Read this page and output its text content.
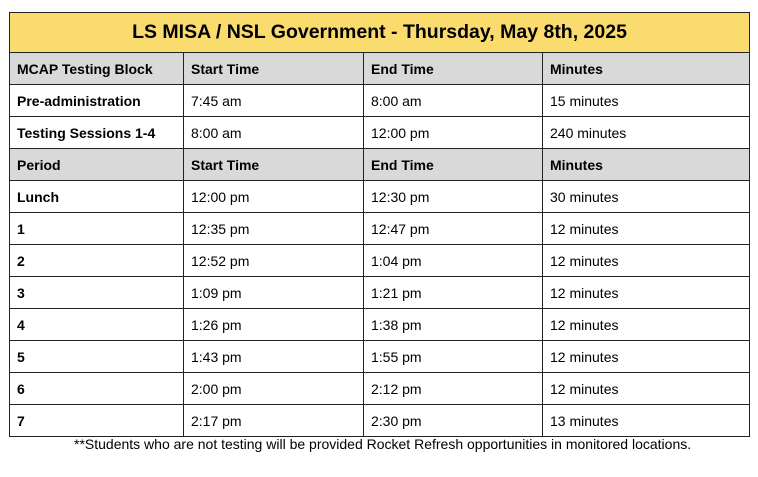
LS MISA / NSL Government - Thursday, May 8th, 2025			
MCAP Testing Block	Start Time	End Time	Minutes
Pre-administration	7:45 am	8:00 am	15 minutes
Testing Sessions 1-4	8:00 am	12:00 pm	240 minutes
Period	Start Time	End Time	Minutes
Lunch	12:00 pm	12:30 pm	30 minutes
1	12:35 pm	12:47 pm	12 minutes
2	12:52 pm	1:04 pm	12 minutes
3	1:09 pm	1:21 pm	12 minutes
4	1:26 pm	1:38 pm	12 minutes
5	1:43 pm	1:55 pm	12 minutes
6	2:00 pm	2:12 pm	12 minutes
7	2:17 pm	2:30 pm	13 minutes
**Students who are not testing will be provided Rocket Refresh opportunities in monitored locations.
